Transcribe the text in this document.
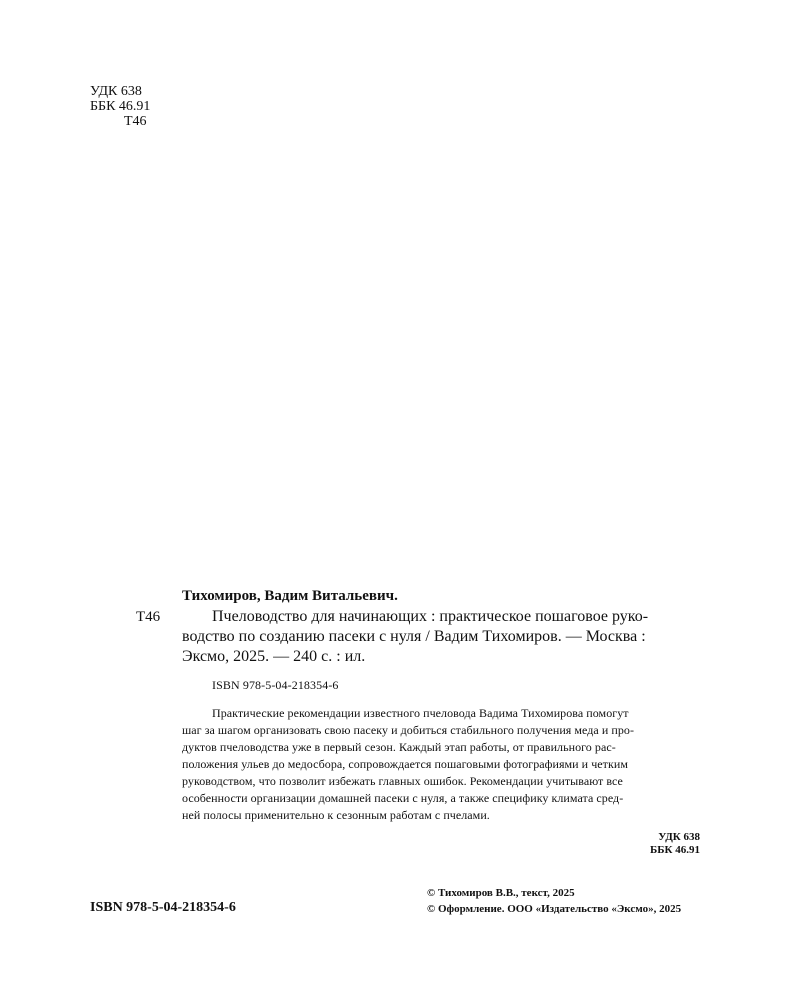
УДК 638
ББК 46.91
Т46
Тихомиров, Вадим Витальевич.
Т46	Пчеловодство для начинающих : практическое пошаговое руко-
водство по созданию пасеки с нуля / Вадим Тихомиров. — Москва :
Эксмо, 2025. — 240 с. : ил.

ISBN 978-5-04-218354-6

Практические рекомендации известного пчеловода Вадима Тихомирова помогут
шаг за шагом организовать свою пасеку и добиться стабильного получения меда и про-
дуктов пчеловодства уже в первый сезон. Каждый этап работы, от правильного рас-
положения ульев до медосбора, сопровождается пошаговыми фотографиями и четким
руководством, что позволит избежать главных ошибок. Рекомендации учитывают все
особенности организации домашней пасеки с нуля, а также специфику климата сред-
ней полосы применительно к сезонным работам с пчелами.

УДК 638
ББК 46.91
ISBN 978-5-04-218354-6
© Тихомиров В.В., текст, 2025
© Оформление. ООО «Издательство «Эксмо», 2025
